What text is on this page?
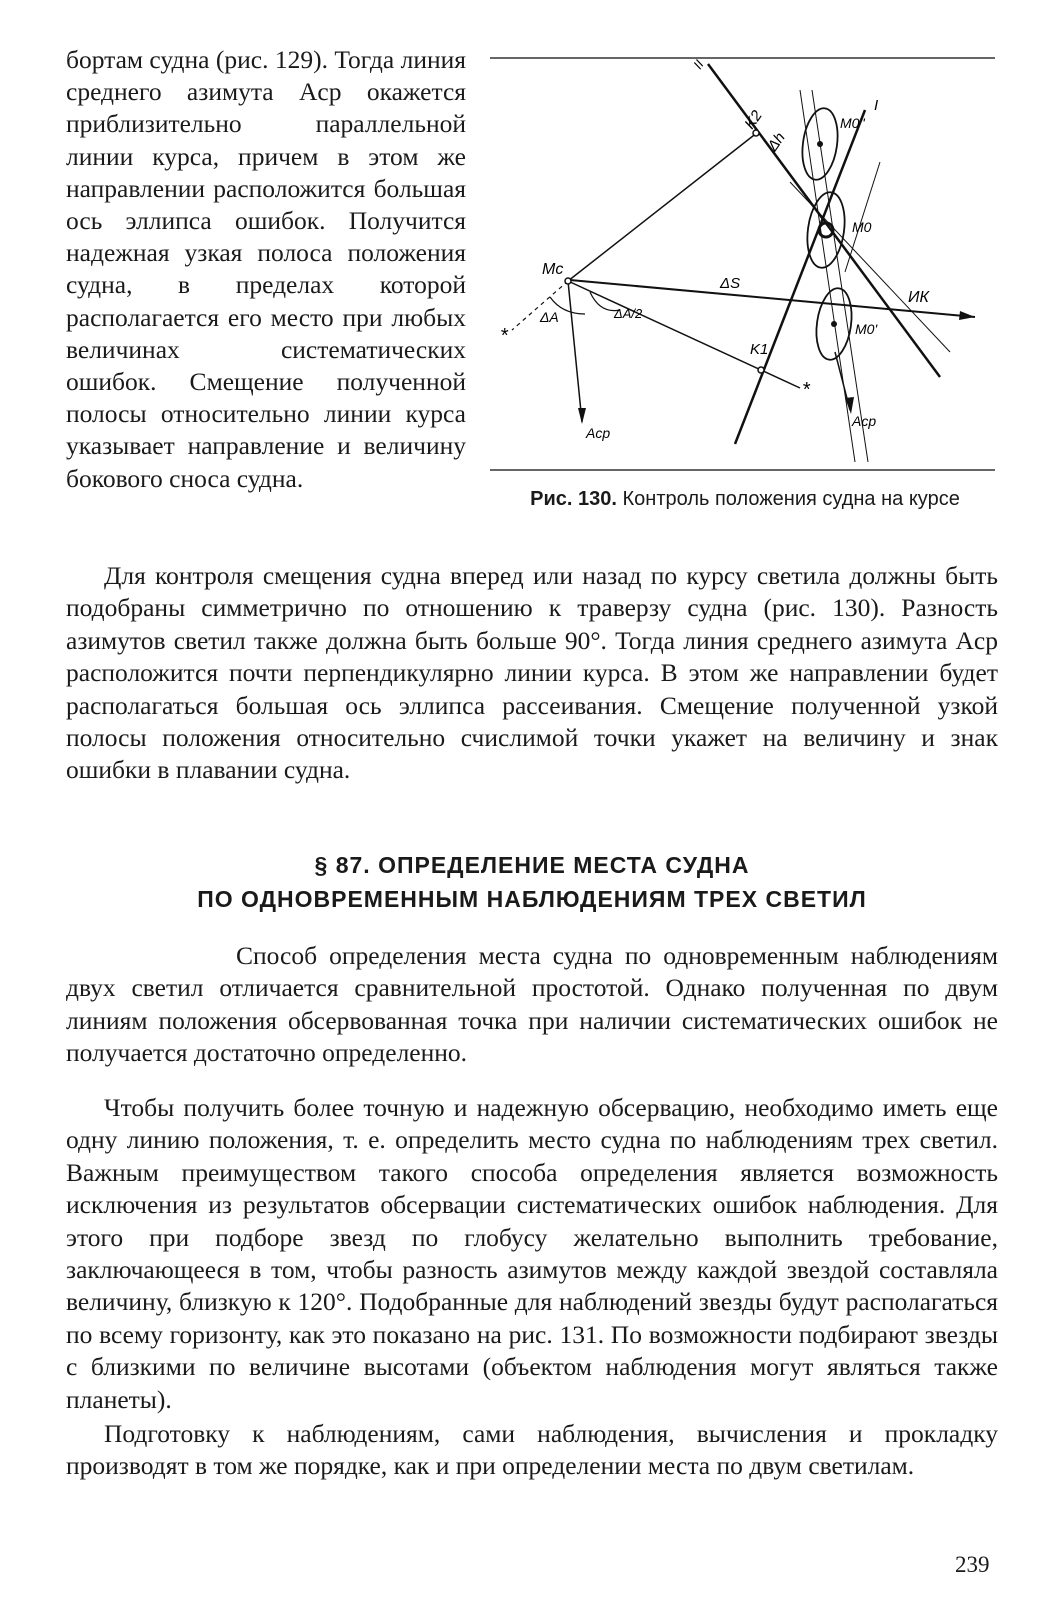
бортам судна (рис. 129). Тогда линия среднего азимута Aср окажется приблизительно параллельной линии курса, причем в этом же направлении расположится большая ось эллипса ошибок. Получится надежная узкая полоса положения судна, в пределах которой располагается его место при любых величинах систематических ошибок. Смещение полученной полосы относительно линии курса указывает направление и величину бокового сноса судна.

Mc
K2
K1
Δh
M0''
M0
M0'
ΔS
ИК
ΔA	ΔA/2
Aср
Aср
I
II
*
*
Рис. 130. Контроль положения судна на курсе

Для контроля смещения судна вперед или назад по курсу светила должны быть подобраны симметрично по отношению к траверзу судна (рис. 130). Разность азимутов светил также должна быть больше 90°. Тогда линия среднего азимута Aср расположится почти перпендикулярно линии курса. В этом же направлении будет располагаться большая ось эллипса рассеивания. Смещение полученной узкой полосы положения относительно счислимой точки укажет на величину и знак ошибки в плавании судна.

§ 87. ОПРЕДЕЛЕНИЕ МЕСТА СУДНА
ПО ОДНОВРЕМЕННЫМ НАБЛЮДЕНИЯМ ТРЕХ СВЕТИЛ

Способ определения места судна по одновременным наблюдениям двух светил отличается сравнительной простотой. Однако полученная по двум линиям положения обсервованная точка при наличии систематических ошибок не получается достаточно определенно.

Чтобы получить более точную и надежную обсервацию, необходимо иметь еще одну линию положения, т. е. определить место судна по наблюдениям трех светил. Важным преимуществом такого способа определения является возможность исключения из результатов обсервации систематических ошибок наблюдения. Для этого при подборе звезд по глобусу желательно выполнить требование, заключающееся в том, чтобы разность азимутов между каждой звездой составляла величину, близкую к 120°. Подобранные для наблюдений звезды будут располагаться по всему горизонту, как это показано на рис. 131. По возможности подбирают звезды с близкими по величине высотами (объектом наблюдения могут являться также планеты).

Подготовку к наблюдениям, сами наблюдения, вычисления и прокладку производят в том же порядке, как и при определении места по двум светилам.

239
